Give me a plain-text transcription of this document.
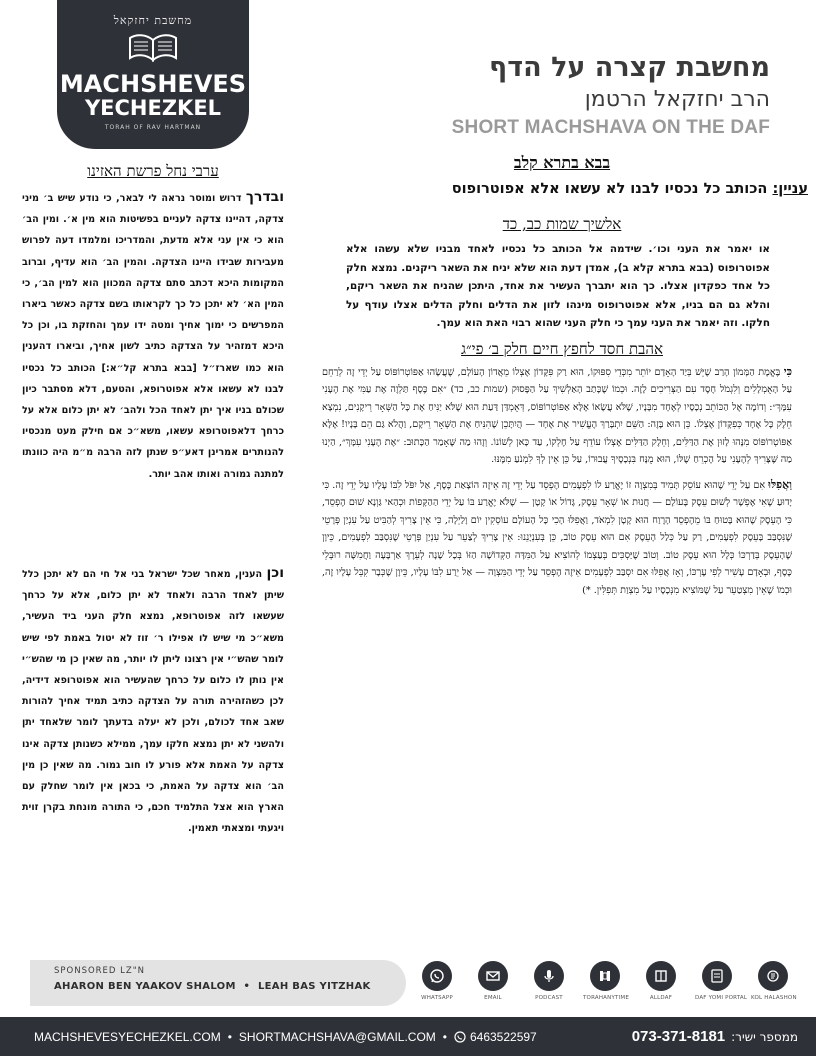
מחשבת יחזקאל
MACHSHEVES
YECHEZKEL
TORAH OF RAV HARTMAN
מחשבת קצרה על הדף
הרב יחזקאל הרטמן
SHORT MACHSHAVA ON THE DAF
ערבי נחל פרשת האזינו
ובדרך דרוש ומוסר נראה לי לבאר, כי נודע שיש ב׳ מיני צדקה, דהיינו צדקה לעניים בפשיטות הוא מין א׳. ומין הב׳ הוא כי אין עני אלא מדעת, והמדריכו ומלמדו דעה לפרוש מעבירות שבידו היינו הצדקה. והמין הב׳ הוא עדיף, וברוב המקומות היכא דכתב סתם צדקה המכוון הוא למין הב׳, כי המין הא׳ לא יתכן כל כך לקראותו בשם צדקה כאשר ביארו המפרשים כי ימוך אחיך ומטה ידו עמך והחזקת בו, וכן כל היכא דמזהיר על הצדקה כתיב לשון אחיך, וביארו דהענין הוא כמו שארז״ל [בבא בתרא קל״א:] הכותב כל נכסיו לבנו לא עשאו אלא אפוטרופא, והטעם, דלא מסתבר כיון שכולם בניו איך יתן לאחד הכל ולהב׳ לא יתן כלום אלא על כרחך דלאפוטרופא עשאו, משא״כ אם חילק מעט מנכסיו להנותרים אמרינן דאע״פ שנתן לזה הרבה מ״מ היה כוונתו למתנה גמורה ואותו אהב יותר.
וכן הענין, מאחר שכל ישראל בני אל חי הם לא יתכן כלל שיתן לאחד הרבה ולאחד לא יתן כלום, אלא על כרחך שעשאו לזה אפוטרופא, נמצא חלק העני ביד העשיר, משא״כ מי שיש לו אפילו ר׳ זוז לא יטול באמת לפי שיש לומר שהש״י אין רצונו ליתן לו יותר, מה שאין כן מי שהש״י אין נותן לו כלום על כרחך שהעשיר הוא אפוטרופא דידיה, לכן כשהזהירה תורה על הצדקה כתיב תמיד אחיך להורות שאב אחד לכולם, ולכן לא יעלה בדעתך לומר שלאחד יתן ולהשני לא יתן נמצא חלקו עמך, ממילא כשנותן צדקה אינו צדקה על האמת אלא פורע לו חוב גמור. מה שאין כן מין הב׳ הוא צדקה על האמת, כי בכאן אין לומר שחלק עם הארץ הוא אצל התלמיד חכם, כי התורה מונחת בקרן זוית ויגעתי ומצאתי תאמין.
בבא בתרא קלב
עניין: הכותב כל נכסיו לבנו לא עשאו אלא אפוטרופוס
אלשיך שמות כב, כד
או יאמר את העני וכו׳. שידמה אל הכותב כל נכסיו לאחד מבניו שלא עשהו אלא אפוטרופוס (בבא בתרא קלא ב), אמדן דעת הוא שלא יניח את השאר ריקנים. נמצא חלק כל אחד כפקדון אצלו. כך הוא יתברך העשיר את אחד, היתכן שהניח את השאר ריקם, והלא גם הם בניו, אלא אפוטרופוס מינהו לזון את הדלים וחלק הדלים אצלו עודף על חלקו. וזה יאמר את העני עמך כי חלק העני שהוא רבוי האת הוא עמך.
אהבת חסד לחפץ חיים חלק ב׳ פי״ג

כִּי בֶּאֱמֶת הַמָּמוֹן הָרַב שֶׁיֵּשׁ בְּיַד הָאָדָם יוֹתֵר מִכְּדֵי סִפּוּקוֹ, הוּא רַק פִּקָּדוֹן אֶצְלוֹ מֵאֲדוֹן הָעוֹלָם, שֶׁעֲשָׂהוּ אַפּוֹטְרוֹפּוֹס עַל יְדֵי זֶה לְרַחֵם עַל הָאֻמְלָלִים וְלִגְמֹל חֶסֶד עִם הַצְּרִיכִים לָזֶה. וּכְמוֹ שֶׁכָּתַב הָאַלְשִׁיךְ עַל הַפָּסוּק (שמות כב, כד) ״אִם כֶּסֶף תַּלְוֶה אֶת עַמִּי אֶת הֶעָנִי עִמָּךְ״: וְדוֹמֶה אֶל הַכּוֹתֵב נְכָסָיו לְאֶחָד מִבָּנָיו, שֶׁלֹּא עֲשָׂאוֹ אֶלָּא אַפּוֹטְרוֹפּוֹס, דְּאֻמְדַּן דַּעַת הוּא שֶׁלֹּא יַנִּיחַ אֶת כָּל הַשְּׁאָר רֵיקָנִים, נִמְצָא חֵלֶק כָּל אֶחָד כְּפִקָּדוֹן אֶצְלוֹ. כֵּן הוּא בָּזֶה: הַשֵּׁם יִתְבָּרַךְ הֶעֱשִׁיר אֶת אֶחָד — הֲיִתָּכֵן שֶׁהִנִּיחַ אֶת הַשְּׁאָר רֵיקָם, וַהֲלֹא גַּם הֵם בָּנָיו! אֶלָּא אַפּוֹטְרוֹפּוֹס מִנָּהוּ לָזוּן אֶת הַדַּלִּים, וְחֵלֶק הַדַּלִּים אֶצְלוֹ עוֹדֵף עַל חֶלְקוֹ, עַד כָּאן לְשׁוֹנוֹ. וְזֶהוּ מַה שֶּׁאָמַר הַכָּתוּב: ״אֶת הֶעָנִי עִמָּךְ״, הַיְנוּ מַה שֶּׁצָּרִיךְ לְהֶעָנִי עַל הֶכְרֵחַ שֶׁלּוֹ, הוּא מֻנָּח בִּנְכָסֶיךָ עֲבוּרוֹ, עַל כֵּן אֵין לְךָ לִמְנֹעַ מִמֶּנּוּ.

וַאֲפִלּוּ אִם עַל יְדֵי שֶׁהוּא עוֹסֵק תָּמִיד בְּמִצְוָה זוֹ יֶאֱרַע לוֹ לִפְעָמִים הֶפְסֵד עַל יְדֵי זֶה אֵיזֶה הוֹצָאַת כֶּסֶף, אַל יִפֹּל לִבּוֹ עָלָיו עַל יְדֵי זֶה. כִּי יָדוּעַ שֶׁאִי אֶפְשָׁר לְשׁוּם עֵסֶק בָּעוֹלָם — חֲנוּת אוֹ שְׁאָר עֵסֶק, גָּדוֹל אוֹ קָטָן — שֶׁלֹּא יֶאֱרַע בּוֹ עַל יְדֵי הַהַקָּפוֹת וּכְהַאי גַּוְנָא שׁוּם הֶפְסֵד, כִּי הָעֵסֶק שֶׁהוּא בָּטוּחַ בּוֹ מֵהֶפְסֵד הָרֶוַח הוּא קָטָן לִמְאֹד, וַאֲפִלּוּ הָכִי כָּל הָעוֹלָם עוֹסְקִין יוֹם וָלַיְלָה, כִּי אֵין צָרִיךְ לְהַבִּיט עַל עִנְיַן פְּרָטֵי שֶׁנִּסְבַּב בָּעֵסֶק לִפְעָמִים, רַק עַל כְּלַל הָעֵסֶק אִם הוּא עֵסֶק טוֹב, כֵּן בְּעִנְיָנֵנוּ: אֵין צָרִיךְ לְצַעֵר עַל עִנְיַן פְּרָטֵי שֶׁנִּסְבַּב לִפְעָמִים, כֵּיוָן שֶׁהָעֵסֶק בְּדַרְכּוֹ כְּלָל הוּא עֵסֶק טוֹב. וְטוֹב שֶׁיַּסְכִּים בְּעַצְמוֹ לְהוֹצִיא עַל הַמִּדָּה הַקְּדוֹשָׁה הַזּוֹ בְּכָל שָׁנָה לְעֵרֶךְ אַרְבָּעָה וַחֲמִשָּׁה רוּבְּלֵי כֶּסֶף, וּבְאָדָם עָשִׁיר לְפִי עֶרְכּוֹ, וְאָז אֲפִלּוּ אִם יִסְבַּב לִפְעָמִים אֵיזֶה הֶפְסֵד עַל יְדֵי הַמִּצְוָה — אַל יֵרַע לִבּוֹ עָלָיו, כֵּיוָן שֶׁכְּבָר קִבֵּל עָלָיו זֶה, וּכְמוֹ שֶׁאֵין מִצְטַעֵר עַל שֶׁמּוֹצִיא מִנְּכָסָיו עַל מִצְוַת תְּפִלִּין. *)

SPONSORED LZ"N
AHARON BEN YAAKOV SHALOM • LEAH BAS YITZHAK
WHATSAPP	EMAIL	PODCAST	TORAHANYTIME	ALLDAF	DAF YOMI PORTAL KOL HALASHON
MACHSHEVESYECHEZKEL.COM • SHORTMACHSHAVA@GMAIL.COM • 6463522597	073-371-8181 ממספר ישיר:
